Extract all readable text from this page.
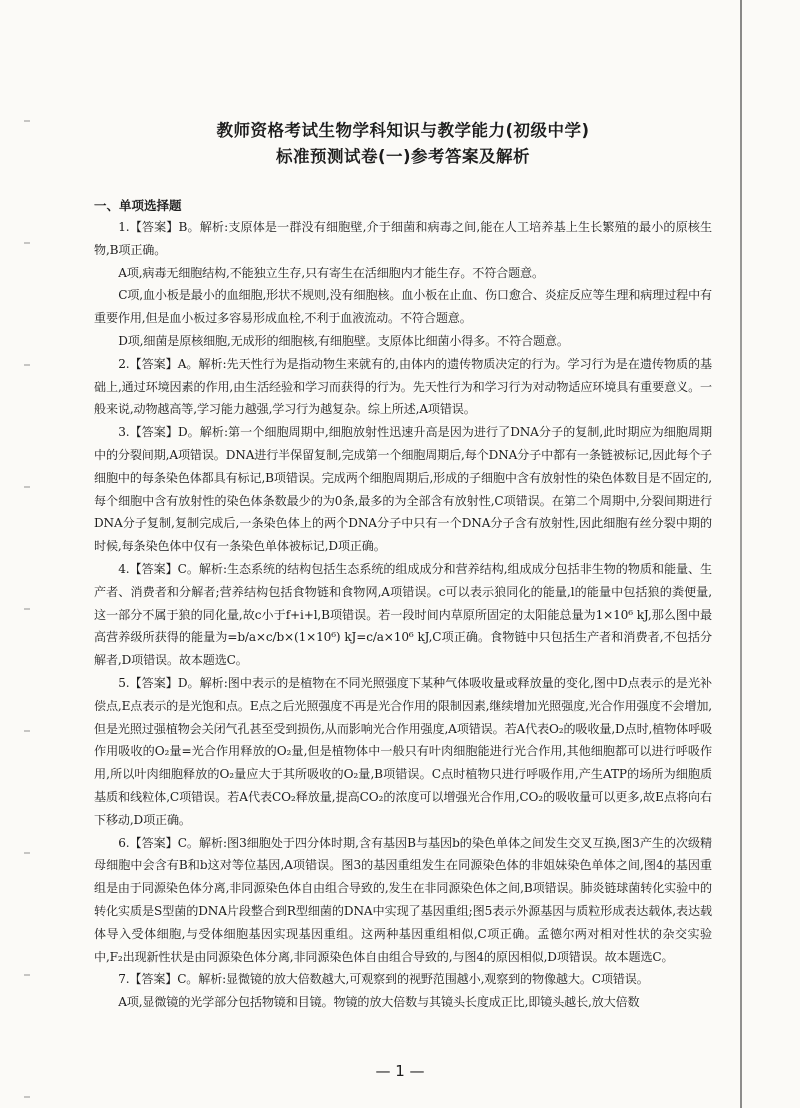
教师资格考试生物学科知识与教学能力(初级中学)
标准预测试卷(一)参考答案及解析
一、单项选择题

1.【答案】B。解析:支原体是一群没有细胞壁,介于细菌和病毒之间,能在人工培养基上生长繁殖的最小的原核生物,B项正确。

A项,病毒无细胞结构,不能独立生存,只有寄生在活细胞内才能生存。不符合题意。

C项,血小板是最小的血细胞,形状不规则,没有细胞核。血小板在止血、伤口愈合、炎症反应等生理和病理过程中有重要作用,但是血小板过多容易形成血栓,不利于血液流动。不符合题意。

D项,细菌是原核细胞,无成形的细胞核,有细胞壁。支原体比细菌小得多。不符合题意。

2.【答案】A。解析:先天性行为是指动物生来就有的,由体内的遗传物质决定的行为。学习行为是在遗传物质的基础上,通过环境因素的作用,由生活经验和学习而获得的行为。先天性行为和学习行为对动物适应环境具有重要意义。一般来说,动物越高等,学习能力越强,学习行为越复杂。综上所述,A项错误。

3.【答案】D。解析:第一个细胞周期中,细胞放射性迅速升高是因为进行了DNA分子的复制,此时期应为细胞周期中的分裂间期,A项错误。DNA进行半保留复制,完成第一个细胞周期后,每个DNA分子中都有一条链被标记,因此每个子细胞中的每条染色体都具有标记,B项错误。完成两个细胞周期后,形成的子细胞中含有放射性的染色体数目是不固定的,每个细胞中含有放射性的染色体条数最少的为0条,最多的为全部含有放射性,C项错误。在第二个周期中,分裂间期进行DNA分子复制,复制完成后,一条染色体上的两个DNA分子中只有一个DNA分子含有放射性,因此细胞有丝分裂中期的时候,每条染色体中仅有一条染色单体被标记,D项正确。

4.【答案】C。解析:生态系统的结构包括生态系统的组成成分和营养结构,组成成分包括非生物的物质和能量、生产者、消费者和分解者;营养结构包括食物链和食物网,A项错误。c可以表示狼同化的能量,l的能量中包括狼的粪便量,这一部分不属于狼的同化量,故c小于f+i+l,B项错误。若一段时间内草原所固定的太阳能总量为1×10⁶ kJ,那么图中最高营养级所获得的能量为=b/a×c/b×(1×10⁶) kJ=c/a×10⁶ kJ,C项正确。食物链中只包括生产者和消费者,不包括分解者,D项错误。故本题选C。

5.【答案】D。解析:图中表示的是植物在不同光照强度下某种气体吸收量或释放量的变化,图中D点表示的是光补偿点,E点表示的是光饱和点。E点之后光照强度不再是光合作用的限制因素,继续增加光照强度,光合作用强度不会增加,但是光照过强植物会关闭气孔甚至受到损伤,从而影响光合作用强度,A项错误。若A代表O₂的吸收量,D点时,植物体呼吸作用吸收的O₂量=光合作用释放的O₂量,但是植物体中一般只有叶肉细胞能进行光合作用,其他细胞都可以进行呼吸作用,所以叶肉细胞释放的O₂量应大于其所吸收的O₂量,B项错误。C点时植物只进行呼吸作用,产生ATP的场所为细胞质基质和线粒体,C项错误。若A代表CO₂释放量,提高CO₂的浓度可以增强光合作用,CO₂的吸收量可以更多,故E点将向右下移动,D项正确。

6.【答案】C。解析:图3细胞处于四分体时期,含有基因B与基因b的染色单体之间发生交叉互换,图3产生的次级精母细胞中会含有B和b这对等位基因,A项错误。图3的基因重组发生在同源染色体的非姐妹染色单体之间,图4的基因重组是由于同源染色体分离,非同源染色体自由组合导致的,发生在非同源染色体之间,B项错误。肺炎链球菌转化实验中的转化实质是S型菌的DNA片段整合到R型细菌的DNA中实现了基因重组;图5表示外源基因与质粒形成表达载体,表达载体导入受体细胞,与受体细胞基因实现基因重组。这两种基因重组相似,C项正确。孟德尔两对相对性状的杂交实验中,F₂出现新性状是由同源染色体分离,非同源染色体自由组合导致的,与图4的原因相似,D项错误。故本题选C。

7.【答案】C。解析:显微镜的放大倍数越大,可观察到的视野范围越小,观察到的物像越大。C项错误。

A项,显微镜的光学部分包括物镜和目镜。物镜的放大倍数与其镜头长度成正比,即镜头越长,放大倍数

— 1 —
